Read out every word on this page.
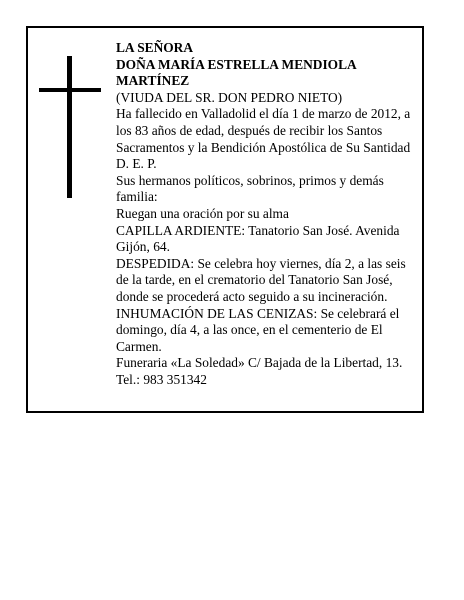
LA SEÑORA

DOÑA MARÍA ESTRELLA MENDIOLA MARTÍNEZ

(VIUDA DEL SR. DON PEDRO NIETO)

Ha fallecido en Valladolid el día 1 de marzo de 2012, a los 83 años de edad, después de recibir los Santos Sacramentos y la Bendición Apostólica de Su Santidad

D. E. P.

Sus hermanos políticos, sobrinos, primos y demás familia:

Ruegan una oración por su alma

CAPILLA ARDIENTE: Tanatorio San José. Avenida Gijón, 64.

DESPEDIDA: Se celebra hoy viernes, día 2, a las seis de la tarde, en el crematorio del Tanatorio San José, donde se procederá acto seguido a su incineración.

INHUMACIÓN DE LAS CENIZAS: Se celebrará el domingo, día 4, a las once, en el cementerio de El Carmen.

Funeraria «La Soledad» C/ Bajada de la Libertad, 13.

Tel.: 983 351342
